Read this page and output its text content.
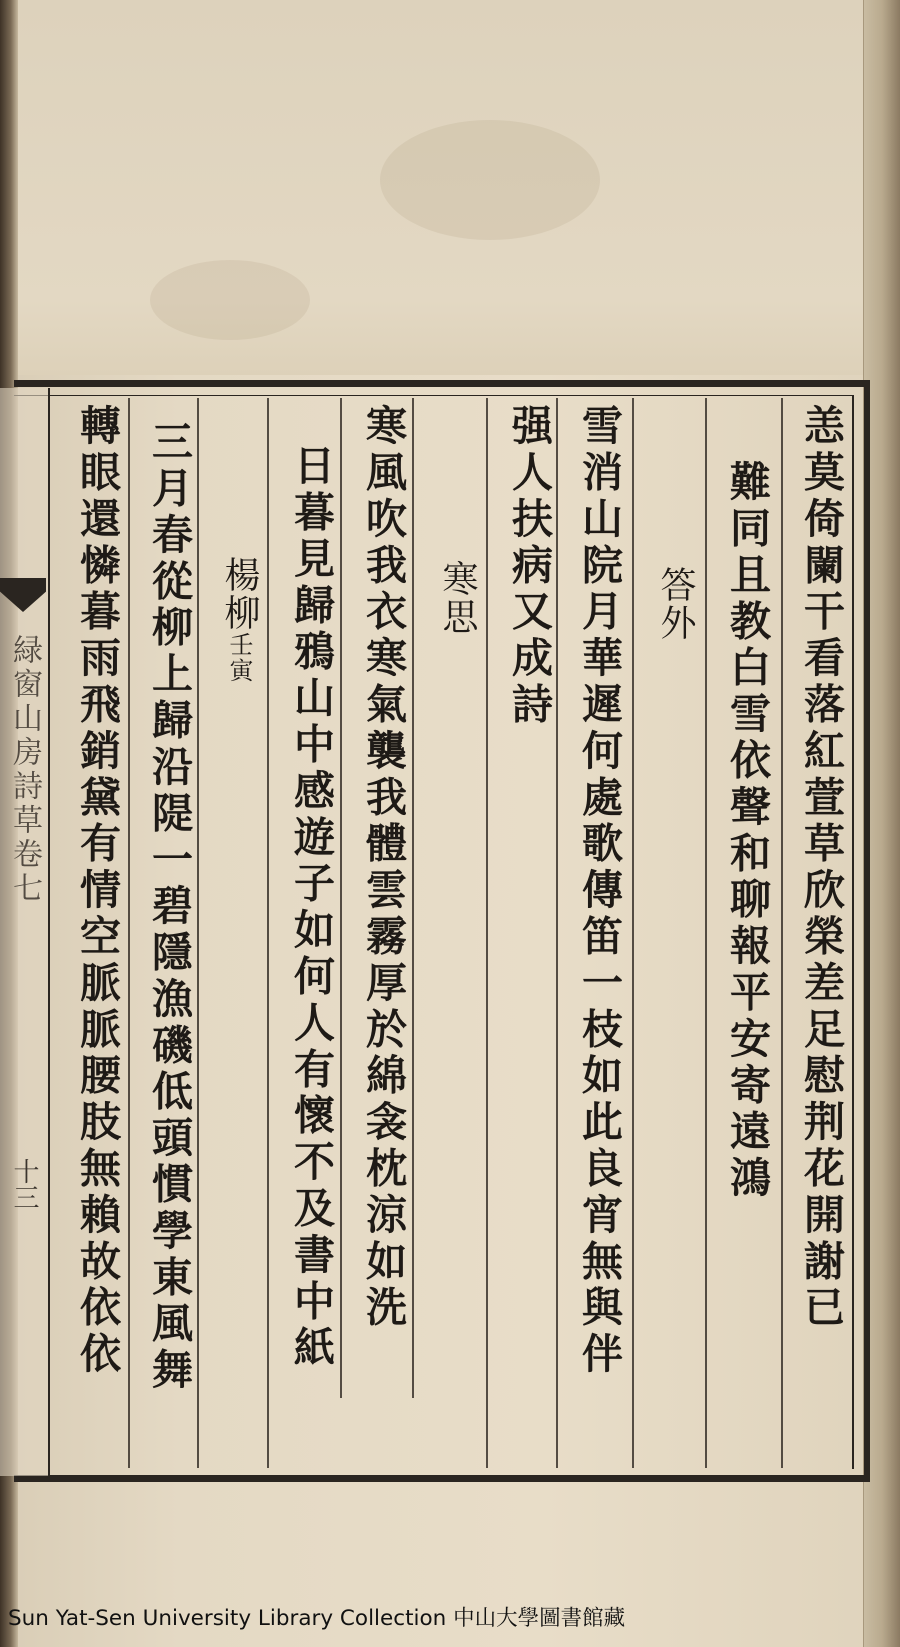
緑窗山房詩草卷七
十三	恙莫倚闌干看落紅萱草欣榮差足慰荆花開謝已
難同且教白雪依聲和聊報平安寄遠鴻
答外
雪消山院月華遲何處歌傳笛一枝如此良宵無與伴
强人扶病又成詩
寒思
寒風吹我衣寒氣襲我體雲霧厚於綿衾枕涼如洗
日暮見歸鴉山中感遊子如何人有懷不及書中紙
楊柳壬寅
三月春從柳上歸沿隄一碧隱漁磯低頭慣學東風舞
轉眼還憐暮雨飛銷黛有情空脈脈腰肢無賴故依依
Sun Yat-Sen University Library Collection 中山大學圖書館藏
